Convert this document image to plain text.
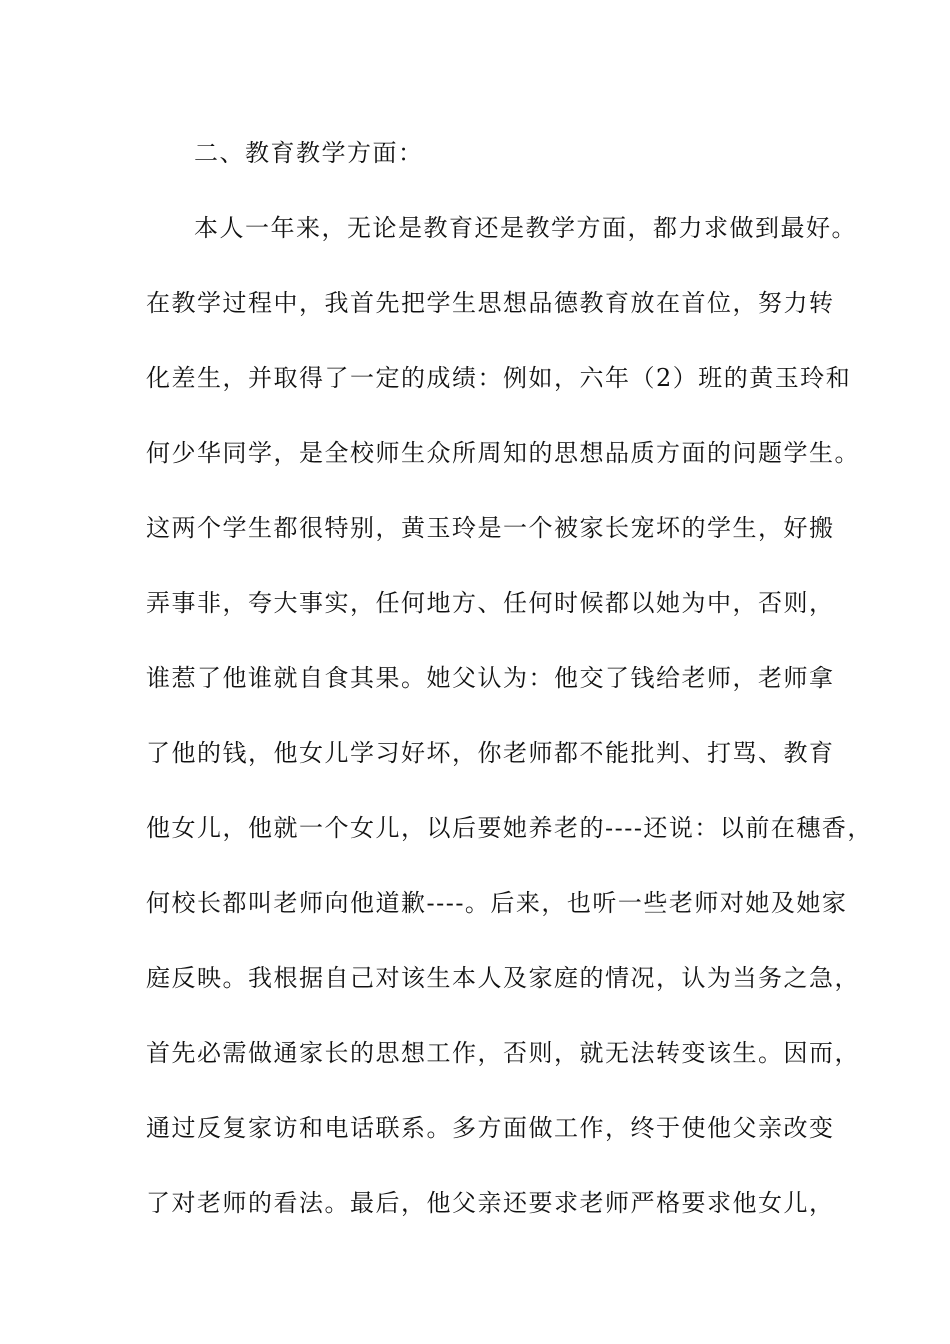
二、教育教学方面：
本人一年来，无论是教育还是教学方面，都力求做到最好。
在教学过程中，我首先把学生思想品德教育放在首位，努力转
化差生，并取得了一定的成绩：例如，六年（2）班的黄玉玲和
何少华同学，是全校师生众所周知的思想品质方面的问题学生。
这两个学生都很特别，黄玉玲是一个被家长宠坏的学生，好搬
弄事非，夸大事实，任何地方、任何时候都以她为中，否则，
谁惹了他谁就自食其果。她父认为：他交了钱给老师，老师拿
了他的钱，他女儿学习好坏，你老师都不能批判、打骂、教育
他女儿，他就一个女儿，以后要她养老的----还说：以前在穗香，
何校长都叫老师向他道歉----。后来，也听一些老师对她及她家
庭反映。我根据自己对该生本人及家庭的情况，认为当务之急，
首先必需做通家长的思想工作，否则，就无法转变该生。因而，
通过反复家访和电话联系。多方面做工作，终于使他父亲改变
了对老师的看法。最后，他父亲还要求老师严格要求他女儿，
